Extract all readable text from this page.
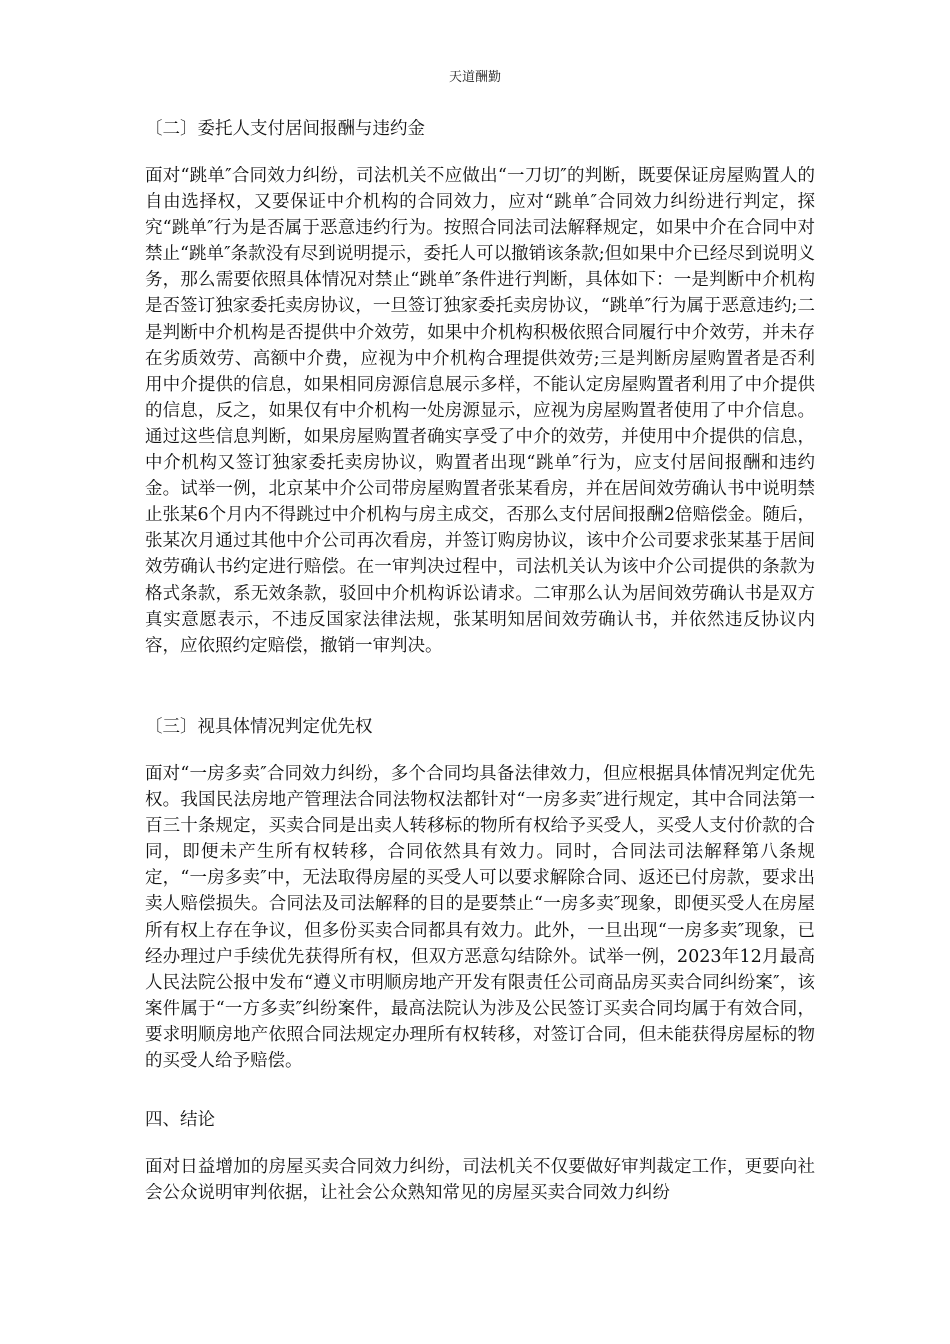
天道酬勤
〔二〕委托人支付居间报酬与违约金
面对“跳单″合同效力纠纷，司法机关不应做出“一刀切″的判断，既要保证房屋购置人的自由选择权，又要保证中介机构的合同效力，应对“跳单″合同效力纠纷进行判定，探究“跳单″行为是否属于恶意违约行为。按照合同法司法解释规定，如果中介在合同中对禁止“跳单″条款没有尽到说明提示，委托人可以撤销该条款;但如果中介已经尽到说明义务，那么需要依照具体情况对禁止“跳单″条件进行判断，具体如下：一是判断中介机构是否签订独家委托卖房协议，一旦签订独家委托卖房协议，“跳单″行为属于恶意违约;二是判断中介机构是否提供中介效劳，如果中介机构积极依照合同履行中介效劳，并未存在劣质效劳、高额中介费，应视为中介机构合理提供效劳;三是判断房屋购置者是否利用中介提供的信息，如果相同房源信息展示多样，不能认定房屋购置者利用了中介提供的信息，反之，如果仅有中介机构一处房源显示，应视为房屋购置者使用了中介信息。通过这些信息判断，如果房屋购置者确实享受了中介的效劳，并使用中介提供的信息，中介机构又签订独家委托卖房协议，购置者出现“跳单″行为，应支付居间报酬和违约金。试举一例，北京某中介公司带房屋购置者张某看房，并在居间效劳确认书中说明禁止张某6个月内不得跳过中介机构与房主成交，否那么支付居间报酬2倍赔偿金。随后，张某次月通过其他中介公司再次看房，并签订购房协议，该中介公司要求张某基于居间效劳确认书约定进行赔偿。在一审判决过程中，司法机关认为该中介公司提供的条款为格式条款，系无效条款，驳回中介机构诉讼请求。二审那么认为居间效劳确认书是双方真实意愿表示，不违反国家法律法规，张某明知居间效劳确认书，并依然违反协议内容，应依照约定赔偿，撤销一审判决。
〔三〕视具体情况判定优先权
面对“一房多卖″合同效力纠纷，多个合同均具备法律效力，但应根据具体情况判定优先权。我国民法房地产管理法合同法物权法都针对“一房多卖″进行规定，其中合同法第一百三十条规定，买卖合同是出卖人转移标的物所有权给予买受人，买受人支付价款的合同，即便未产生所有权转移，合同依然具有效力。同时，合同法司法解释第八条规定，“一房多卖″中，无法取得房屋的买受人可以要求解除合同、返还已付房款，要求出卖人赔偿损失。合同法及司法解释的目的是要禁止“一房多卖″现象，即便买受人在房屋所有权上存在争议，但多份买卖合同都具有效力。此外，一旦出现“一房多卖″现象，已经办理过户手续优先获得所有权，但双方恶意勾结除外。试举一例，2023年12月最高人民法院公报中发布“遵义市明顺房地产开发有限责任公司商品房买卖合同纠纷案″，该案件属于“一方多卖″纠纷案件，最高法院认为涉及公民签订买卖合同均属于有效合同，要求明顺房地产依照合同法规定办理所有权转移，对签订合同，但未能获得房屋标的物的买受人给予赔偿。
四、结论
面对日益增加的房屋买卖合同效力纠纷，司法机关不仅要做好审判裁定工作，更要向社会公众说明审判依据，让社会公众熟知常见的房屋买卖合同效力纠纷
